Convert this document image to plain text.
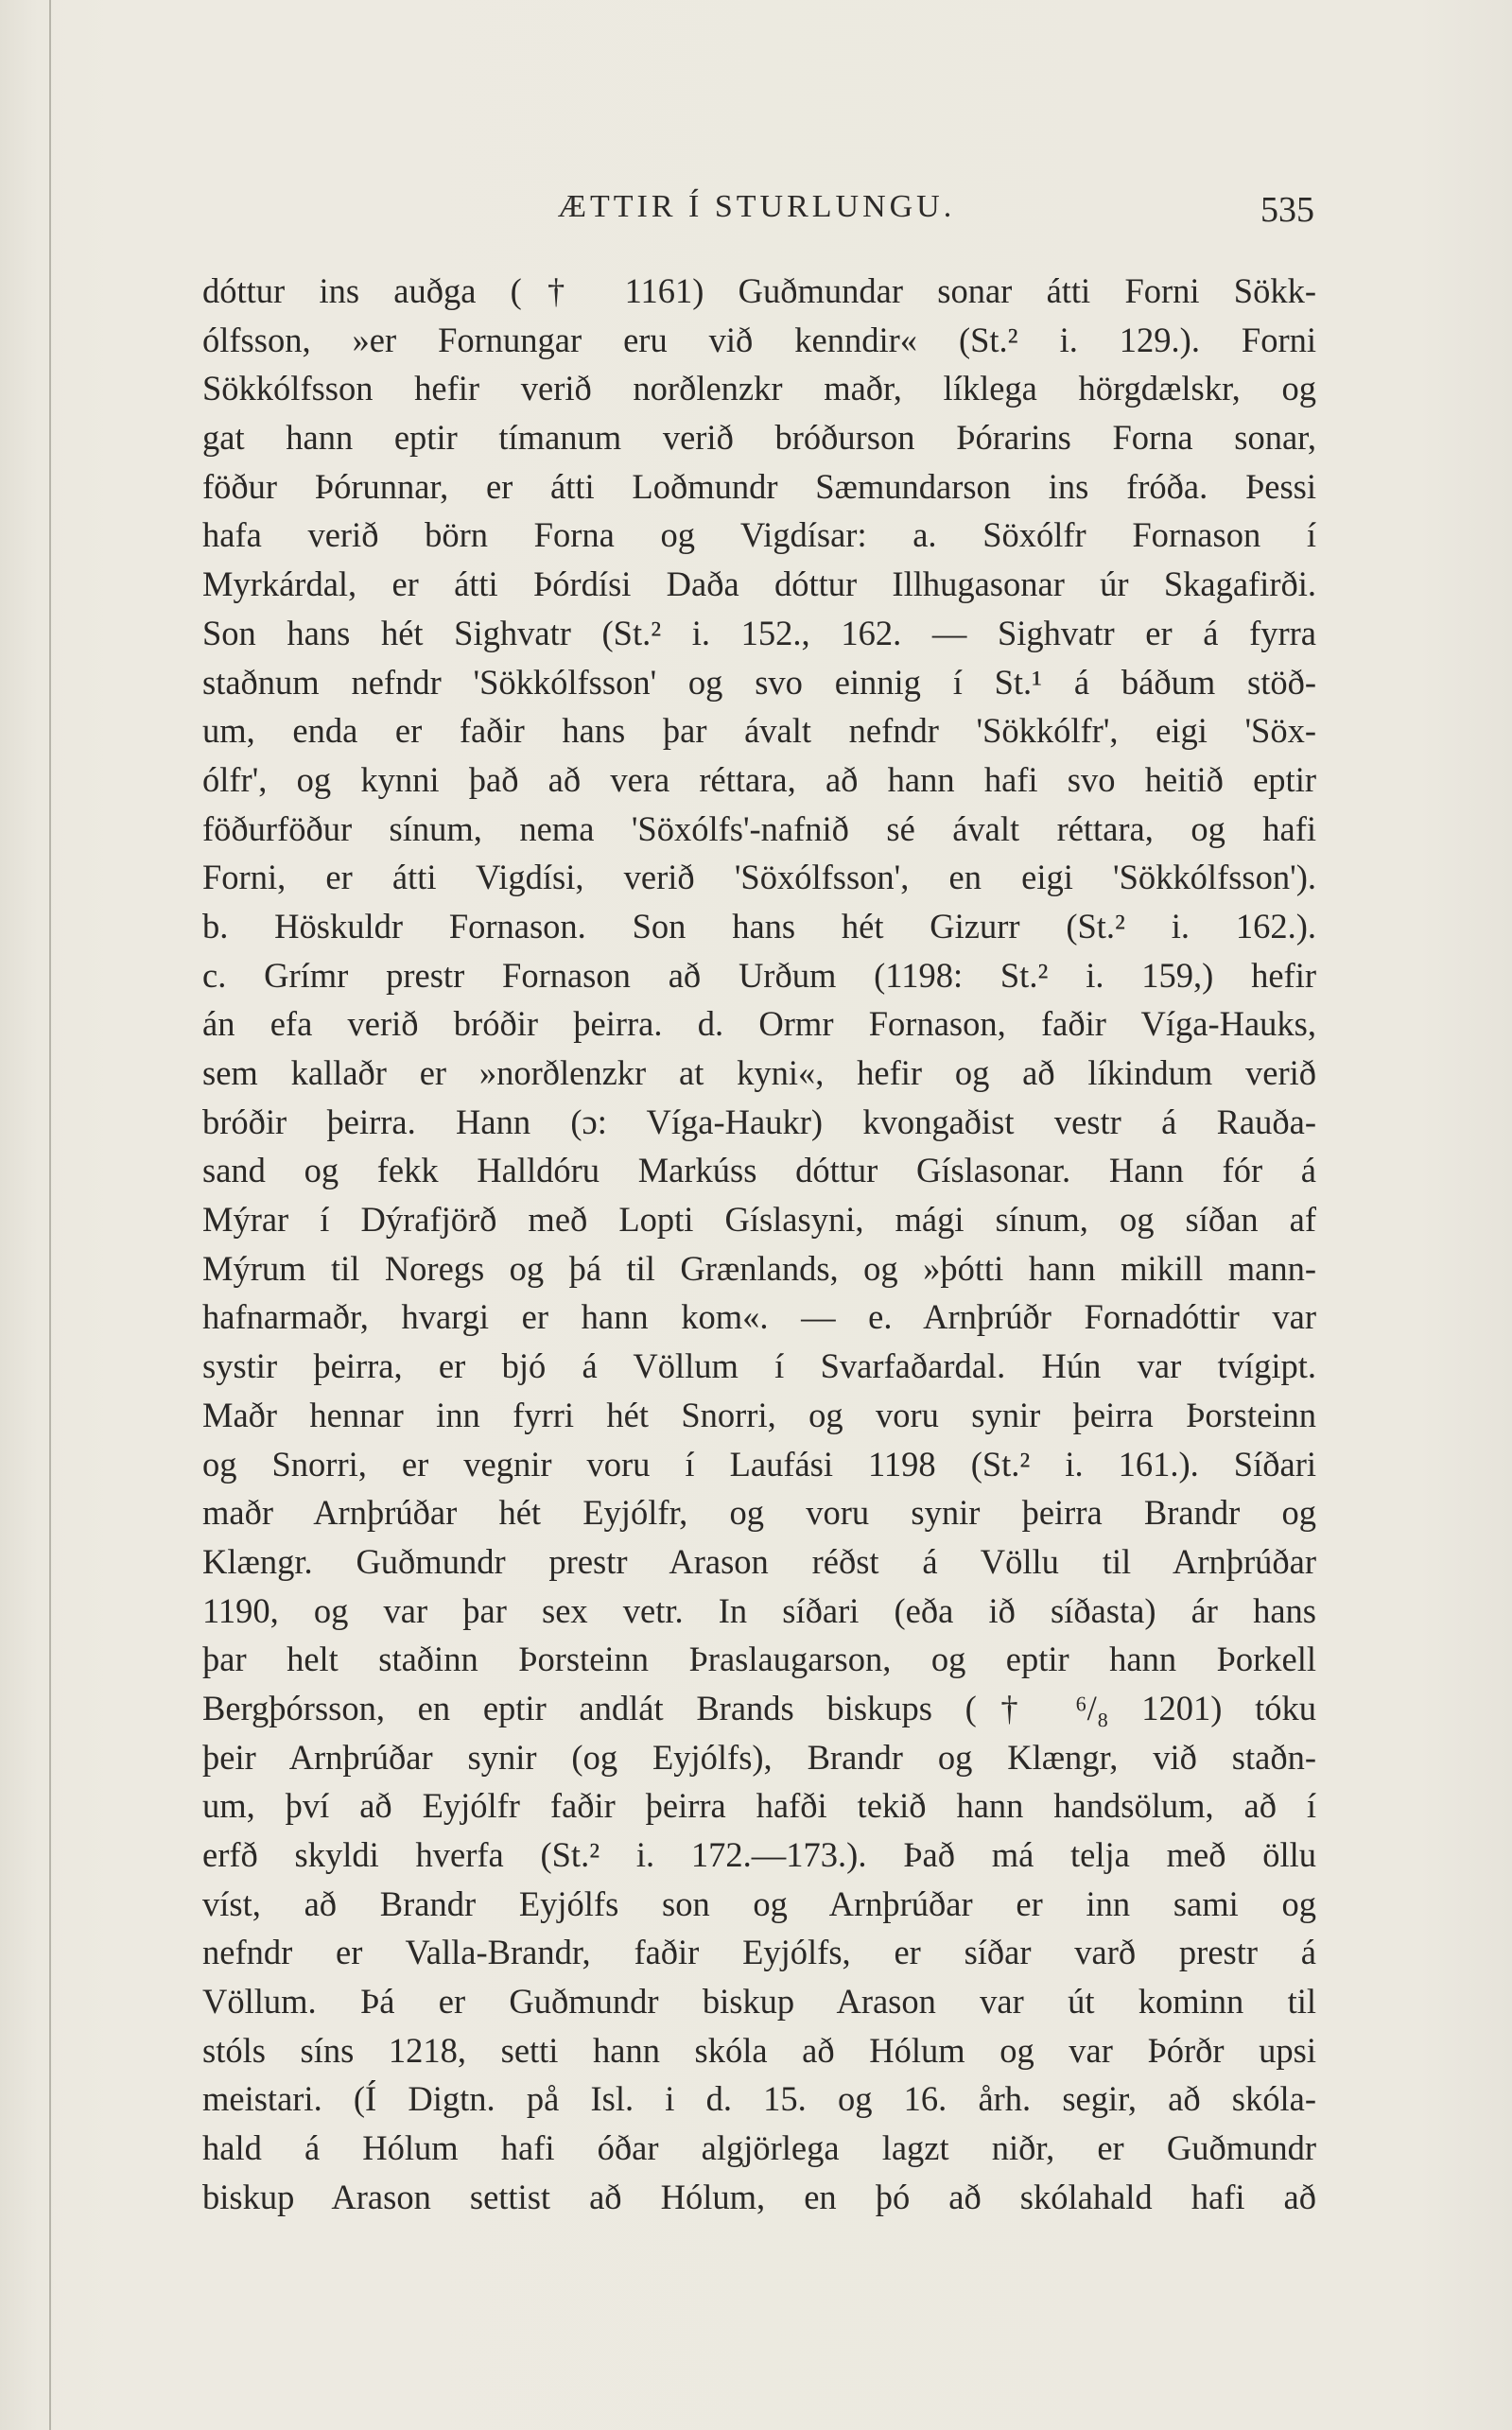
ÆTTIR Í STURLUNGU.	535
dóttur ins auðga († 1161) Guðmundar sonar átti Forni Sökk-
ólfsson, »er Fornungar eru við kenndir« (St.² i. 129.). Forni
Sökkólfsson hefir verið norðlenzkr maðr, líklega hörgdælskr, og
gat hann eptir tímanum verið bróðurson Þórarins Forna sonar,
föður Þórunnar, er átti Loðmundr Sæmundarson ins fróða. Þessi
hafa verið börn Forna og Vigdísar: a. Söxólfr Fornason í
Myrkárdal, er átti Þórdísi Daða dóttur Illhugasonar úr Skagafirði.
Son hans hét Sighvatr (St.² i. 152., 162. — Sighvatr er á fyrra
staðnum nefndr 'Sökkólfsson' og svo einnig í St.¹ á báðum stöð-
um, enda er faðir hans þar ávalt nefndr 'Sökkólfr', eigi 'Söx-
ólfr', og kynni það að vera réttara, að hann hafi svo heitið eptir
föðurföður sínum, nema 'Söxólfs'-nafnið sé ávalt réttara, og hafi
Forni, er átti Vigdísi, verið 'Söxólfsson', en eigi 'Sökkólfsson').
b. Höskuldr Fornason. Son hans hét Gizurr (St.² i. 162.).
c. Grímr prestr Fornason að Urðum (1198: St.² i. 159,) hefir
án efa verið bróðir þeirra. d. Ormr Fornason, faðir Víga-Hauks,
sem kallaðr er »norðlenzkr at kyni«, hefir og að líkindum verið
bróðir þeirra. Hann (ɔ: Víga-Haukr) kvongaðist vestr á Rauða-
sand og fekk Halldóru Markúss dóttur Gíslasonar. Hann fór á
Mýrar í Dýrafjörð með Lopti Gíslasyni, mági sínum, og síðan af
Mýrum til Noregs og þá til Grænlands, og »þótti hann mikill mann-
hafnarmaðr, hvargi er hann kom«. — e. Arnþrúðr Fornadóttir var
systir þeirra, er bjó á Völlum í Svarfaðardal. Hún var tvígipt.
Maðr hennar inn fyrri hét Snorri, og voru synir þeirra Þorsteinn
og Snorri, er vegnir voru í Laufási 1198 (St.² i. 161.). Síðari
maðr Arnþrúðar hét Eyjólfr, og voru synir þeirra Brandr og
Klængr. Guðmundr prestr Arason réðst á Völlu til Arnþrúðar
1190, og var þar sex vetr. In síðari (eða ið síðasta) ár hans
þar helt staðinn Þorsteinn Þraslaugarson, og eptir hann Þorkell
Bergþórsson, en eptir andlát Brands biskups († ⁶/₈ 1201) tóku
þeir Arnþrúðar synir (og Eyjólfs), Brandr og Klængr, við staðn-
um, því að Eyjólfr faðir þeirra hafði tekið hann handsölum, að í
erfð skyldi hverfa (St.² i. 172.—173.). Það má telja með öllu
víst, að Brandr Eyjólfs son og Arnþrúðar er inn sami og
nefndr er Valla-Brandr, faðir Eyjólfs, er síðar varð prestr á
Völlum. Þá er Guðmundr biskup Arason var út kominn til
stóls síns 1218, setti hann skóla að Hólum og var Þórðr upsi
meistari. (Í Digtn. på Isl. i d. 15. og 16. årh. segir, að skóla-
hald á Hólum hafi óðar algjörlega lagzt niðr, er Guðmundr
biskup Arason settist að Hólum, en þó að skólahald hafi að
